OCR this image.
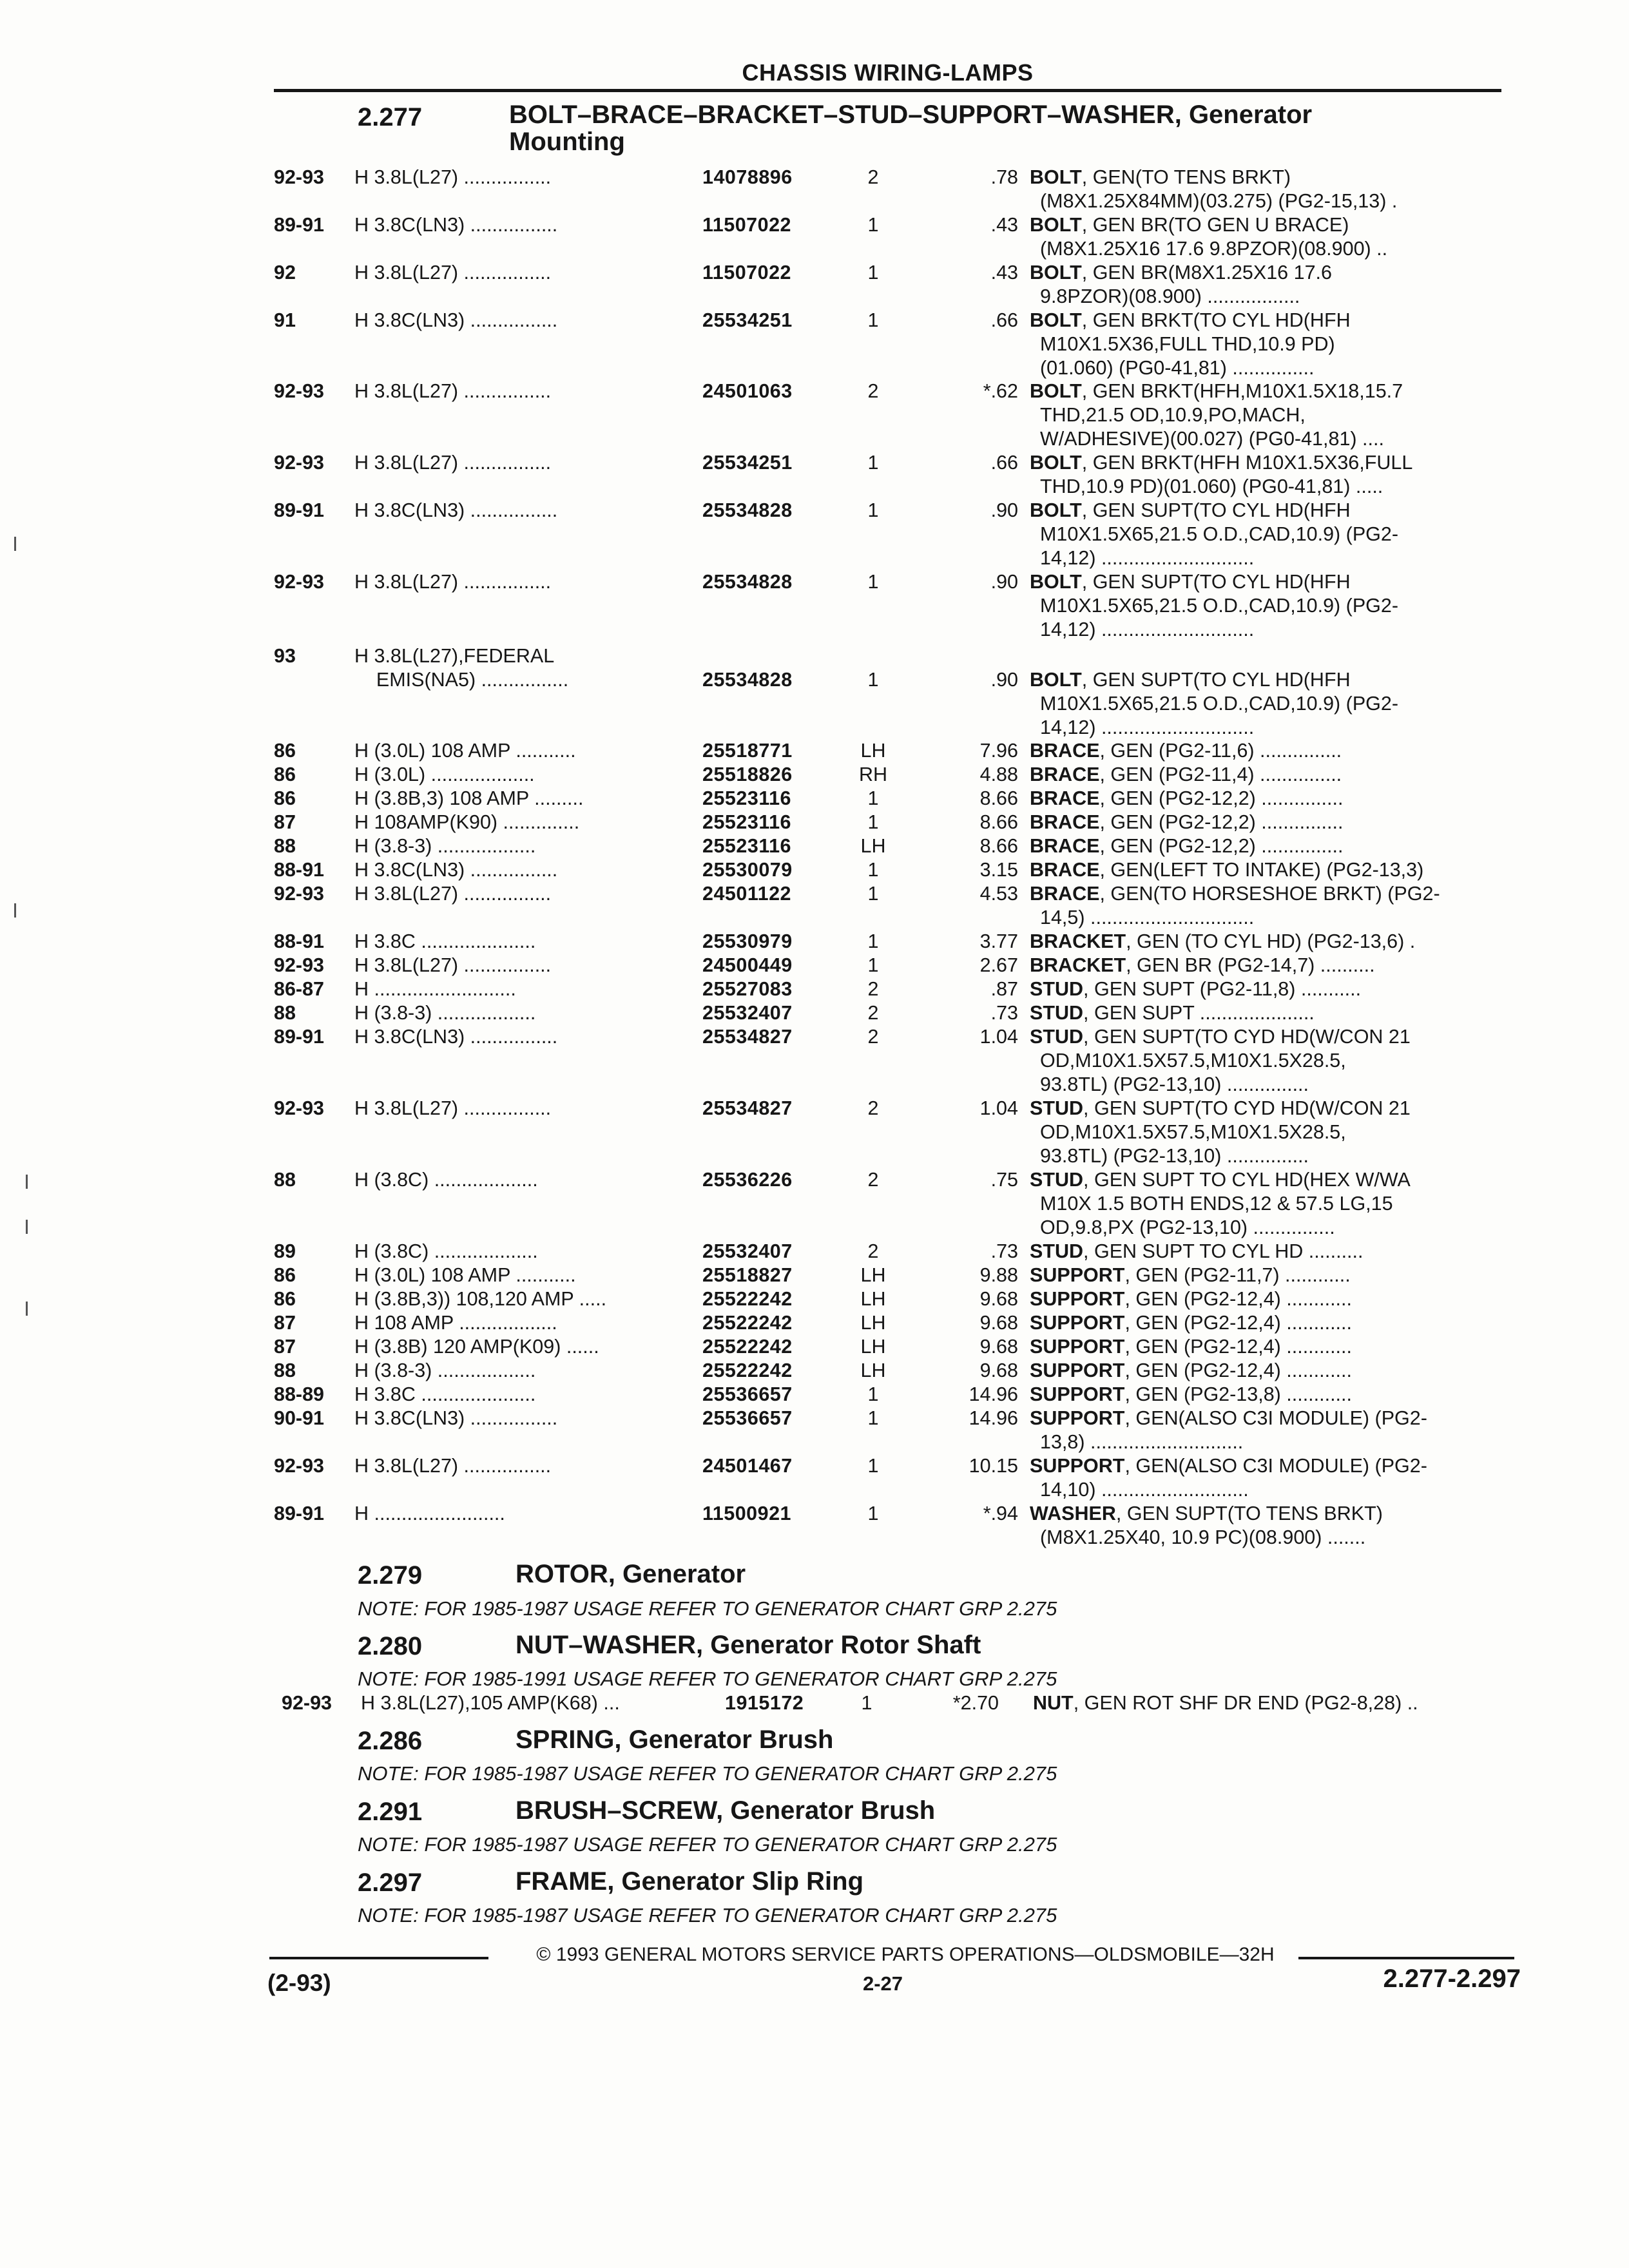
CHASSIS WIRING-LAMPS
2.277	BOLT–BRACE–BRACKET–STUD–SUPPORT–WASHER, Generator
Mounting
92-93 H 3.8L(L27) ................	14078896	2	.78 BOLT, GEN(TO TENS BRKT)
(M8X1.25X84MM)(03.275) (PG2-15,13) .
89-91 H 3.8C(LN3) ................	11507022	1	.43 BOLT, GEN BR(TO GEN U BRACE)
(M8X1.25X16 17.6 9.8PZOR)(08.900) ..
92	H 3.8L(L27) ................	11507022	1	.43 BOLT, GEN BR(M8X1.25X16 17.6
9.8PZOR)(08.900) .................
91	H 3.8C(LN3) ................	25534251	1	.66 BOLT, GEN BRKT(TO CYL HD(HFH
M10X1.5X36,FULL THD,10.9 PD)
(01.060) (PG0-41,81) ...............
92-93 H 3.8L(L27) ................	24501063	2	*.62 BOLT, GEN BRKT(HFH,M10X1.5X18,15.7
THD,21.5 OD,10.9,PO,MACH,
W/ADHESIVE)(00.027) (PG0-41,81) ....
92-93 H 3.8L(L27) ................	25534251	1	.66 BOLT, GEN BRKT(HFH M10X1.5X36,FULL
THD,10.9 PD)(01.060) (PG0-41,81) .....
89-91 H 3.8C(LN3) ................	25534828	1	.90 BOLT, GEN SUPT(TO CYL HD(HFH
M10X1.5X65,21.5 O.D.,CAD,10.9) (PG2-
14,12) ............................
92-93 H 3.8L(L27) ................	25534828	1	.90 BOLT, GEN SUPT(TO CYL HD(HFH
M10X1.5X65,21.5 O.D.,CAD,10.9) (PG2-
14,12) ............................
93	H 3.8L(L27),FEDERAL
EMIS(NA5) ................	25534828	1	.90 BOLT, GEN SUPT(TO CYL HD(HFH
M10X1.5X65,21.5 O.D.,CAD,10.9) (PG2-
14,12) ............................
86	H (3.0L) 108 AMP ...........	25518771	LH	7.96 BRACE, GEN (PG2-11,6) ...............
86	H (3.0L) ...................	25518826	RH	4.88 BRACE, GEN (PG2-11,4) ...............
86	H (3.8B,3) 108 AMP .........	25523116	1	8.66 BRACE, GEN (PG2-12,2) ...............
87	H 108AMP(K90) ..............	25523116	1	8.66 BRACE, GEN (PG2-12,2) ...............
88	H (3.8-3) ..................	25523116	LH	8.66 BRACE, GEN (PG2-12,2) ...............
88-91 H 3.8C(LN3) ................	25530079	1	3.15 BRACE, GEN(LEFT TO INTAKE) (PG2-13,3)
92-93 H 3.8L(L27) ................	24501122	1	4.53 BRACE, GEN(TO HORSESHOE BRKT) (PG2-
14,5) ..............................
88-91 H 3.8C .....................	25530979	1	3.77 BRACKET, GEN (TO CYL HD) (PG2-13,6) .
92-93 H 3.8L(L27) ................	24500449	1	2.67 BRACKET, GEN BR (PG2-14,7) ..........
86-87 H ..........................	25527083	2	.87 STUD, GEN SUPT (PG2-11,8) ...........
88	H (3.8-3) ..................	25532407	2	.73 STUD, GEN SUPT .....................
89-91 H 3.8C(LN3) ................	25534827	2	1.04 STUD, GEN SUPT(TO CYD HD(W/CON 21
OD,M10X1.5X57.5,M10X1.5X28.5,
93.8TL) (PG2-13,10) ...............
92-93 H 3.8L(L27) ................	25534827	2	1.04 STUD, GEN SUPT(TO CYD HD(W/CON 21
OD,M10X1.5X57.5,M10X1.5X28.5,
93.8TL) (PG2-13,10) ...............
88	H (3.8C) ...................	25536226	2	.75 STUD, GEN SUPT TO CYL HD(HEX W/WA
M10X 1.5 BOTH ENDS,12 & 57.5 LG,15
OD,9.8,PX (PG2-13,10) ...............
89	H (3.8C) ...................	25532407	2	.73 STUD, GEN SUPT TO CYL HD ..........
86	H (3.0L) 108 AMP ...........	25518827	LH	9.88 SUPPORT, GEN (PG2-11,7) ............
86	H (3.8B,3)) 108,120 AMP .....	25522242	LH	9.68 SUPPORT, GEN (PG2-12,4) ............
87	H 108 AMP ..................	25522242	LH	9.68 SUPPORT, GEN (PG2-12,4) ............
87	H (3.8B) 120 AMP(K09) ......	25522242	LH	9.68 SUPPORT, GEN (PG2-12,4) ............
88	H (3.8-3) ..................	25522242	LH	9.68 SUPPORT, GEN (PG2-12,4) ............
88-89 H 3.8C .....................	25536657	1	14.96 SUPPORT, GEN (PG2-13,8) ............
90-91 H 3.8C(LN3) ................	25536657	1	14.96 SUPPORT, GEN(ALSO C3I MODULE) (PG2-
13,8) ............................
92-93 H 3.8L(L27) ................	24501467	1	10.15 SUPPORT, GEN(ALSO C3I MODULE) (PG2-
14,10) ...........................
89-91 H ........................	11500921	1	*.94 WASHER, GEN SUPT(TO TENS BRKT)
(M8X1.25X40, 10.9 PC)(08.900) .......
2.279	ROTOR, Generator
NOTE: FOR 1985-1987 USAGE REFER TO GENERATOR CHART GRP 2.275
2.280	NUT–WASHER, Generator Rotor Shaft
NOTE: FOR 1985-1991 USAGE REFER TO GENERATOR CHART GRP 2.275
92-93 H 3.8L(L27),105 AMP(K68) ...	1915172	1	*2.70 NUT, GEN ROT SHF DR END (PG2-8,28) ..
2.286	SPRING, Generator Brush
NOTE: FOR 1985-1987 USAGE REFER TO GENERATOR CHART GRP 2.275
2.291	BRUSH–SCREW, Generator Brush
NOTE: FOR 1985-1987 USAGE REFER TO GENERATOR CHART GRP 2.275
2.297	FRAME, Generator Slip Ring
NOTE: FOR 1985-1987 USAGE REFER TO GENERATOR CHART GRP 2.275
© 1993 GENERAL MOTORS SERVICE PARTS OPERATIONS—OLDSMOBILE—32H
(2-93)	2-27	2.277-2.297
